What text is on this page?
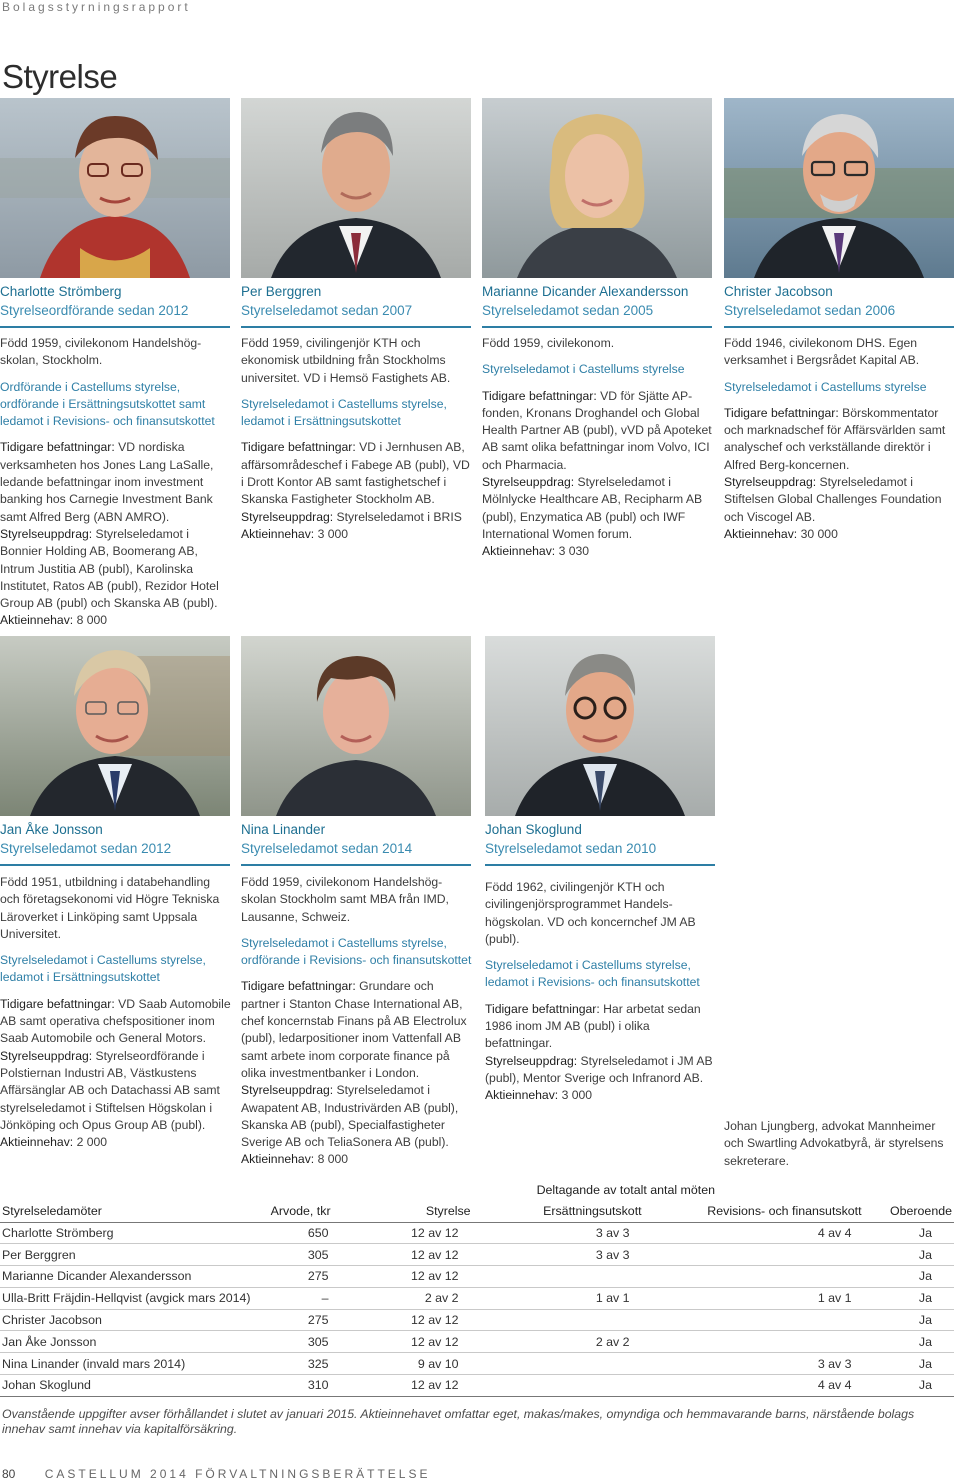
Bolagsstyrningsrapport
Styrelse
Charlotte Strömberg
Styrelseordförande sedan 2012
Per Berggren
Styrelseledamot sedan 2007
Marianne Dicander Alexandersson
Styrelseledamot sedan 2005
Christer Jacobson
Styrelseledamot sedan 2006

Född 1959, civilekonom Handelshög-skolan, Stockholm.

Ordförande i Castellums styrelse, ordförande i Ersättningsutskottet samt ledamot i Revisions- och finansutskottet

Tidigare befattningar: VD nordiska verksamheten hos Jones Lang LaSalle, ledande befattningar inom investment banking hos Carnegie Investment Bank samt Alfred Berg (ABN AMRO).

Styrelseuppdrag: Styrelseledamot i Bonnier Holding AB, Boomerang AB, Intrum Justitia AB (publ), Karolinska Institutet, Ratos AB (publ), Rezidor Hotel Group AB (publ) och Skanska AB (publ).

Aktieinnehav: 8 000

Född 1959, civilingenjör KTH och ekonomisk utbildning från Stockholms universitet. VD i Hemsö Fastighets AB.

Styrelseledamot i Castellums styrelse, ledamot i Ersättningsutskottet

Tidigare befattningar: VD i Jernhusen AB, affärsområdeschef i Fabege AB (publ), VD i Drott Kontor AB samt fastighetschef i Skanska Fastigheter Stockholm AB.

Styrelseuppdrag: Styrelseledamot i BRIS

Aktieinnehav: 3 000

Född 1959, civilekonom.

Styrelseledamot i Castellums styrelse

Tidigare befattningar: VD för Sjätte AP-fonden, Kronans Droghandel och Global Health Partner AB (publ), vVD på Apoteket AB samt olika befattningar inom Volvo, ICI och Pharmacia.

Styrelseuppdrag: Styrelseledamot i Mölnlycke Healthcare AB, Recipharm AB (publ), Enzymatica AB (publ) och IWF International Women forum.

Aktieinnehav: 3 030

Född 1946, civilekonom DHS. Egen verksamhet i Bergsrådet Kapital AB.

Styrelseledamot i Castellums styrelse

Tidigare befattningar: Börskommentator och marknadschef för Affärsvärlden samt analyschef och verkställande direktör i Alfred Berg-koncernen.

Styrelseuppdrag: Styrelseledamot i Stiftelsen Global Challenges Foundation och Viscogel AB.

Aktieinnehav: 30 000

Jan Åke Jonsson
Styrelseledamot sedan 2012
Nina Linander
Styrelseledamot sedan 2014
Johan Skoglund
Styrelseledamot sedan 2010

Född 1951, utbildning i databehandling och företagsekonomi vid Högre Tekniska Läroverket i Linköping samt Uppsala Universitet.

Styrelseledamot i Castellums styrelse, ledamot i Ersättningsutskottet

Tidigare befattningar: VD Saab Automobile AB samt operativa chefspositioner inom Saab Automobile och General Motors.

Styrelseuppdrag: Styrelseordförande i Polstiernan Industri AB, Västkustens Affärsänglar AB och Datachassi AB samt styrelseledamot i Stiftelsen Högskolan i Jönköping och Opus Group AB (publ).

Aktieinnehav: 2 000

Född 1959, civilekonom Handelshög-skolan Stockholm samt MBA från IMD, Lausanne, Schweiz.

Styrelseledamot i Castellums styrelse, ordförande i Revisions- och finansutskottet

Tidigare befattningar: Grundare och partner i Stanton Chase International AB, chef koncernstab Finans på AB Electrolux (publ), ledarpositioner inom Vattenfall AB samt arbete inom corporate finance på olika investmentbanker i London.

Styrelseuppdrag: Styrelseledamot i Awapatent AB, Industrivärden AB (publ), Skanska AB (publ), Specialfastigheter Sverige AB och TeliaSonera AB (publ).

Aktieinnehav: 8 000

Född 1962, civilingenjör KTH och civilingenjörsprogrammet Handels-högskolan. VD och koncernchef JM AB (publ).

Styrelseledamot i Castellums styrelse, ledamot i Revisions- och finansutskottet

Tidigare befattningar: Har arbetat sedan 1986 inom JM AB (publ) i olika befattningar.

Styrelseuppdrag: Styrelseledamot i JM AB (publ), Mentor Sverige och Infranord AB.

Aktieinnehav: 3 000

Johan Ljungberg, advokat Mannheimer och Swartling Advokatbyrå, är styrelsens sekreterare.
			Deltagande av totalt antal möten		
Styrelseledamöter	Arvode, tkr	Styrelse	Ersättningsutskott	Revisions- och finansutskott	Oberoende
Charlotte Strömberg	650	12 av 12	3 av 3	4 av 4	Ja
Per Berggren	305	12 av 12	3 av 3		Ja
Marianne Dicander Alexandersson	275	12 av 12			Ja
Ulla-Britt Fräjdin-Hellqvist (avgick mars 2014)	–	2 av 2	1 av 1	1 av 1	Ja
Christer Jacobson	275	12 av 12			Ja
Jan Åke Jonsson	305	12 av 12	2 av 2		Ja
Nina Linander (invald mars 2014)	325	9 av 10		3 av 3	Ja
Johan Skoglund	310	12 av 12		4 av 4	Ja
Ovanstående uppgifter avser förhållandet i slutet av januari 2015. Aktieinnehavet omfattar eget, makas/makes, omyndiga och hemmavarande barns, närstående bolags innehav samt innehav via kapitalförsäkring.
80 CASTELLUM 2014 FÖRVALTNINGSBERÄTTELSE
